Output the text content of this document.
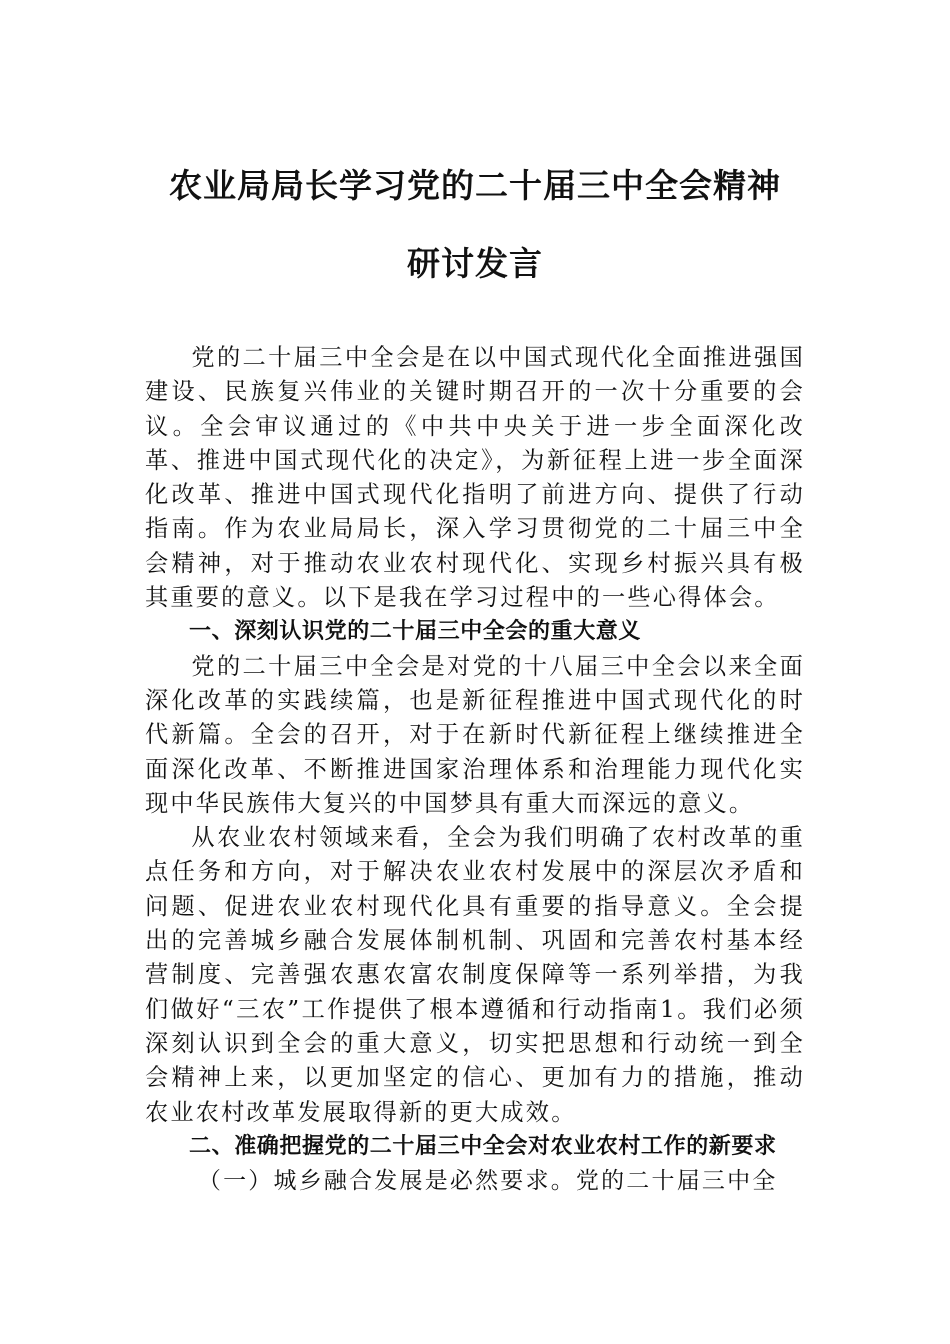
农业局局长学习党的二十届三中全会精神
研讨发言

党的二十届三中全会是在以中国式现代化全面推进强国建设、民族复兴伟业的关键时期召开的一次十分重要的会议。全会审议通过的《中共中央关于进一步全面深化改革、推进中国式现代化的决定》，为新征程上进一步全面深化改革、推进中国式现代化指明了前进方向、提供了行动指南。作为农业局局长，深入学习贯彻党的二十届三中全会精神，对于推动农业农村现代化、实现乡村振兴具有极其重要的意义。以下是我在学习过程中的一些心得体会。

一、深刻认识党的二十届三中全会的重大意义

党的二十届三中全会是对党的十八届三中全会以来全面深化改革的实践续篇，也是新征程推进中国式现代化的时代新篇。全会的召开，对于在新时代新征程上继续推进全面深化改革、不断推进国家治理体系和治理能力现代化实现中华民族伟大复兴的中国梦具有重大而深远的意义。

从农业农村领域来看，全会为我们明确了农村改革的重点任务和方向，对于解决农业农村发展中的深层次矛盾和问题、促进农业农村现代化具有重要的指导意义。全会提出的完善城乡融合发展体制机制、巩固和完善农村基本经营制度、完善强农惠农富农制度保障等一系列举措，为我们做好“三农”工作提供了根本遵循和行动指南1。我们必须深刻认识到全会的重大意义，切实把思想和行动统一到全会精神上来，以更加坚定的信心、更加有力的措施，推动农业农村改革发展取得新的更大成效。

二、准确把握党的二十届三中全会对农业农村工作的新要求

（一）城乡融合发展是必然要求。党的二十届三中全
